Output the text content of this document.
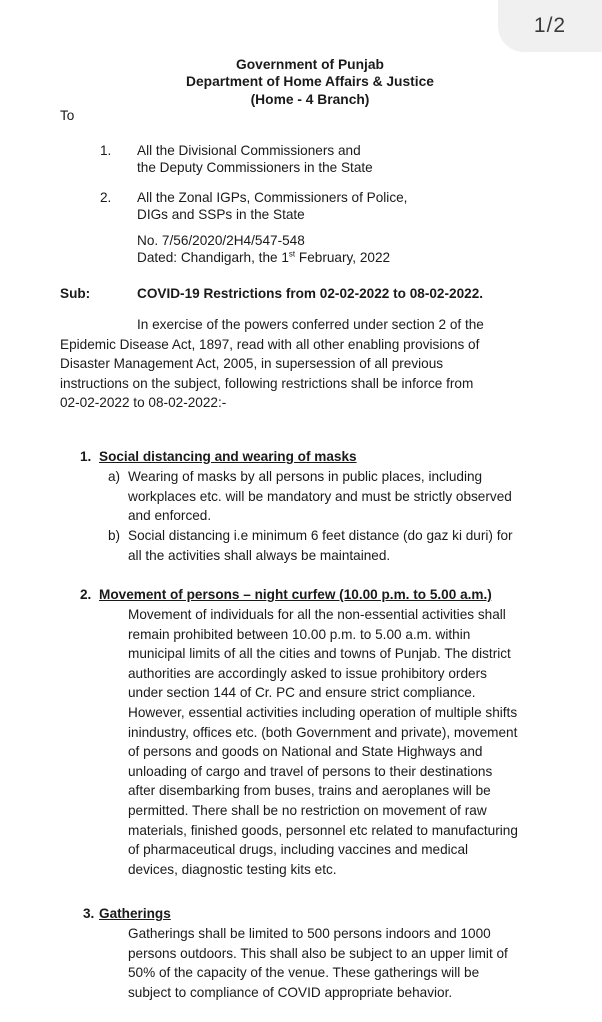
1/2
Government of Punjab
Department of Home Affairs & Justice
(Home - 4 Branch)
To
1. All the Divisional Commissioners and
the Deputy Commissioners in the State
2. All the Zonal IGPs, Commissioners of Police,
DIGs and SSPs in the State
No. 7/56/2020/2H4/547-548
Dated: Chandigarh, the 1st February, 2022
Sub:	COVID-19 Restrictions from 02-02-2022 to 08-02-2022.
In exercise of the powers conferred under section 2 of the
Epidemic Disease Act, 1897, read with all other enabling provisions of
Disaster Management Act, 2005, in supersession of all previous
instructions on the subject, following restrictions shall be inforce from
02-02-2022 to 08-02-2022:-
1. Social distancing and wearing of masks
a) Wearing of masks by all persons in public places, including
workplaces etc. will be mandatory and must be strictly observed
and enforced.
b) Social distancing i.e minimum 6 feet distance (do gaz ki duri) for
all the activities shall always be maintained.
2. Movement of persons – night curfew (10.00 p.m. to 5.00 a.m.)
Movement of individuals for all the non-essential activities shall
remain prohibited between 10.00 p.m. to 5.00 a.m. within
municipal limits of all the cities and towns of Punjab. The district
authorities are accordingly asked to issue prohibitory orders
under section 144 of Cr. PC and ensure strict compliance.
However, essential activities including operation of multiple shifts
inindustry, offices etc. (both Government and private), movement
of persons and goods on National and State Highways and
unloading of cargo and travel of persons to their destinations
after disembarking from buses, trains and aeroplanes will be
permitted. There shall be no restriction on movement of raw
materials, finished goods, personnel etc related to manufacturing
of pharmaceutical drugs, including vaccines and medical
devices, diagnostic testing kits etc.
3. Gatherings
Gatherings shall be limited to 500 persons indoors and 1000
persons outdoors. This shall also be subject to an upper limit of
50% of the capacity of the venue. These gatherings will be
subject to compliance of COVID appropriate behavior.
